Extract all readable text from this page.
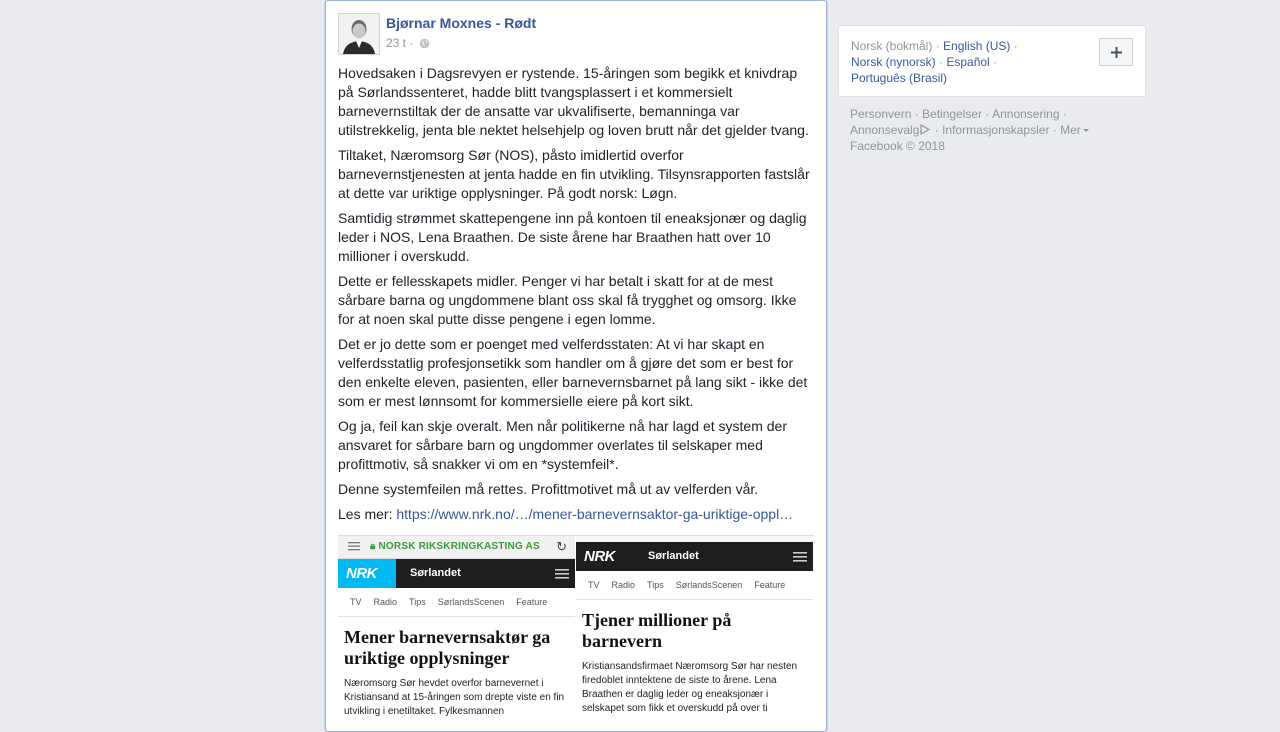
Bjørnar Moxnes - Rødt
23 t ·

Hovedsaken i Dagsrevyen er rystende. 15-åringen som begikk et knivdrap på Sørlandssenteret, hadde blitt tvangsplassert i et kommersielt barnevernstiltak der de ansatte var ukvalifiserte, bemanninga var utilstrekkelig, jenta ble nektet helsehjelp og loven brutt når det gjelder tvang.

Tiltaket, Næromsorg Sør (NOS), påsto imidlertid overfor barnevernstjenesten at jenta hadde en fin utvikling. Tilsynsrapporten fastslår at dette var uriktige opplysninger. På godt norsk: Løgn.

Samtidig strømmet skattepengene inn på kontoen til eneaksjonær og daglig leder i NOS, Lena Braathen. De siste årene har Braathen hatt over 10 millioner i overskudd.

Dette er fellesskapets midler. Penger vi har betalt i skatt for at de mest sårbare barna og ungdommene blant oss skal få trygghet og omsorg. Ikke for at noen skal putte disse pengene i egen lomme.

Det er jo dette som er poenget med velferdsstaten: At vi har skapt en velferdsstatlig profesjonsetikk som handler om å gjøre det som er best for den enkelte eleven, pasienten, eller barnevernsbarnet på lang sikt - ikke det som er mest lønnsomt for kommersielle eiere på kort sikt.

Og ja, feil kan skje overalt. Men når politikerne nå har lagd et system der ansvaret for sårbare barn og ungdommer overlates til selskaper med profittmotiv, så snakker vi om en *systemfeil*.

Denne systemfeilen må rettes. Profittmotivet må ut av velferden vår.

Les mer: https://www.nrk.no/…/mener-barnevernsaktor-ga-uriktige-oppl…

🔒︎ NORSK RIKSKRINGKASTING AS ↻
NRK	Sørlandet
TV Radio Tips SørlandsScenen Feature
Mener barnevernsaktør ga uriktige opplysninger
Næromsorg Sør hevdet overfor barnevernet i Kristiansand at 15-åringen som drepte viste en fin utvikling i enetiltaket. Fylkesmannen
NRK	Sørlandet
TV Radio Tips SørlandsScenen Feature
Tjener millioner på barnevern
Kristiansandsfirmaet Næromsorg Sør har nesten firedoblet inntektene de siste to årene. Lena Braathen er daglig leder og eneaksjonær i selskapet som fikk et overskudd på over ti
Norsk (bokmål) · English (US) ·
Norsk (nynorsk) · Español ·
Português (Brasil)
Personvern · Betingelser · Annonsering ·
Annonsevalg · Informasjonskapsler · Mer
Facebook © 2018
